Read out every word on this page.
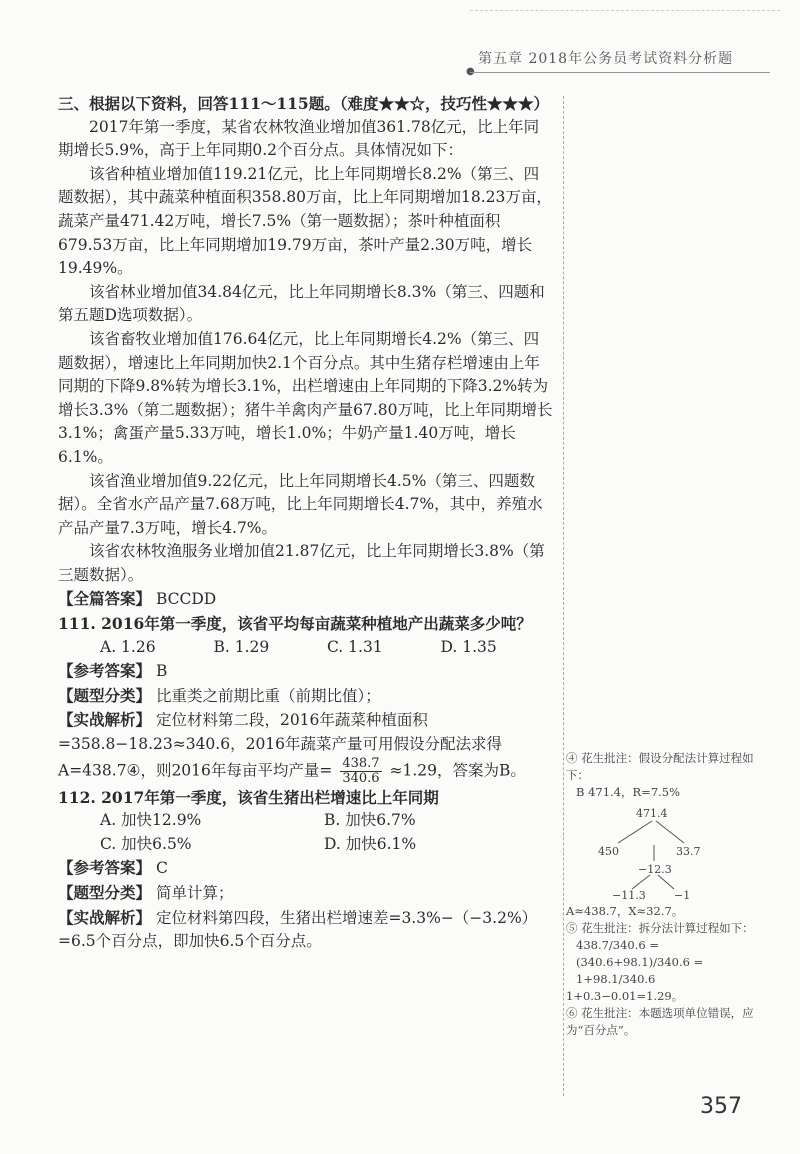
第五章 2018年公务员考试资料分析题
●

三、根据以下资料，回答111～115题。（难度★★☆，技巧性★★★）

2017年第一季度，某省农林牧渔业增加值361.78亿元，比上年同期增长5.9%，高于上年同期0.2个百分点。具体情况如下：

该省种植业增加值119.21亿元，比上年同期增长8.2%（第三、四题数据），其中蔬菜种植面积358.80万亩，比上年同期增加18.23万亩，蔬菜产量471.42万吨，增长7.5%（第一题数据）；茶叶种植面积679.53万亩，比上年同期增加19.79万亩，茶叶产量2.30万吨，增长19.49%。

该省林业增加值34.84亿元，比上年同期增长8.3%（第三、四题和第五题D选项数据）。

该省畜牧业增加值176.64亿元，比上年同期增长4.2%（第三、四题数据），增速比上年同期加快2.1个百分点。其中生猪存栏增速由上年同期的下降9.8%转为增长3.1%，出栏增速由上年同期的下降3.2%转为增长3.3%（第二题数据）；猪牛羊禽肉产量67.80万吨，比上年同期增长3.1%；禽蛋产量5.33万吨，增长1.0%；牛奶产量1.40万吨，增长6.1%。

该省渔业增加值9.22亿元，比上年同期增长4.5%（第三、四题数据）。全省水产品产量7.68万吨，比上年同期增长4.7%，其中，养殖水产品产量7.3万吨，增长4.7%。

该省农林牧渔服务业增加值21.87亿元，比上年同期增长3.8%（第三题数据）。

【全篇答案】 BCCDD

111. 2016年第一季度，该省平均每亩蔬菜种植地产出蔬菜多少吨？

A. 1.26	B. 1.29	C. 1.31	D. 1.35

【参考答案】 B

【题型分类】 比重类之前期比重（前期比值）；

【实战解析】 定位材料第二段，2016年蔬菜种植面积=358.8−18.23≈340.6，2016年蔬菜产量可用假设分配法求得A=438.7④，则2016年每亩平均产量= $\frac{438.7}{340.6} \approx 1.29$，答案为B。

112. 2017年第一季度，该省生猪出栏增速比上年同期

A. 加快12.9%	B. 加快6.7%
C. 加快6.5%	D. 加快6.1%

【参考答案】 C

【题型分类】 简单计算；

【实战解析】 定位材料第四段，生猪出栏增速差=3.3%−（−3.2%）=6.5个百分点，即加快6.5个百分点。

④ 花生批注：假设分配法计算过程如下：

B 471.4，R=7.5%

471.4
450	33.7
−12.3
−11.3	−1

A≈438.7，X≈32.7。

⑤ 花生批注：拆分法计算过程如下：

438.7/340.6 = (340.6+98.1)/340.6 = 1+98.1/340.6

1+0.3−0.01=1.29。

⑥ 花生批注：本题选项单位错误，应为“百分点”。

357
